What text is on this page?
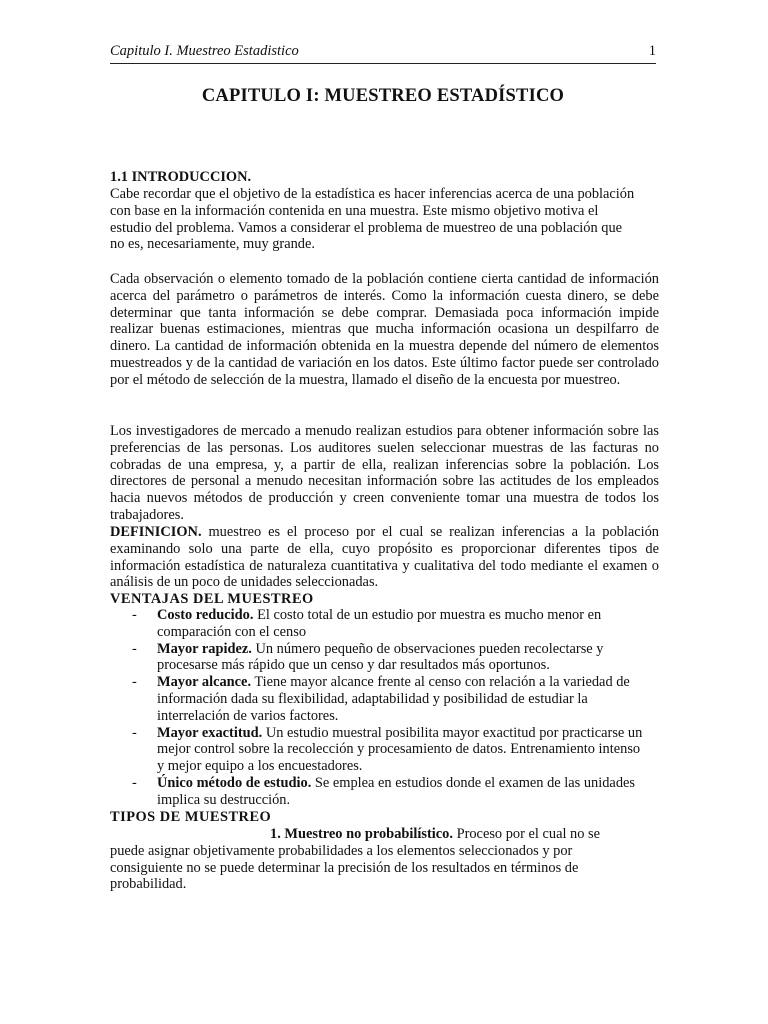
Capitulo I. Muestreo Estadistico	1
CAPITULO I: MUESTREO ESTADÍSTICO
1.1 INTRODUCCION.
Cabe recordar que el objetivo de la estadística es hacer inferencias acerca de una población con base en la información contenida en una muestra. Este mismo objetivo motiva el estudio del problema. Vamos a considerar el problema de muestreo de una población que no es, necesariamente, muy grande.
Cada observación o elemento tomado de la población contiene cierta cantidad de información acerca del parámetro o parámetros de interés. Como la información cuesta dinero, se debe determinar que tanta información se debe comprar. Demasiada poca información impide realizar buenas estimaciones, mientras que mucha información ocasiona un despilfarro de dinero. La cantidad de información obtenida en la muestra depende del número de elementos muestreados y de la cantidad de variación en los datos. Este último factor puede ser controlado por el método de selección de la muestra, llamado el diseño de la encuesta por muestreo.
Los investigadores de mercado a menudo realizan estudios para obtener información sobre las preferencias de las personas. Los auditores suelen seleccionar muestras de las facturas no cobradas de una empresa, y, a partir de ella, realizan inferencias sobre la población. Los directores de personal a menudo necesitan información sobre las actitudes de los empleados hacia nuevos métodos de producción y creen conveniente tomar una muestra de todos los trabajadores.
DEFINICION. muestreo es el proceso por el cual se realizan inferencias a la población examinando solo una parte de ella, cuyo propósito es proporcionar diferentes tipos de información estadística de naturaleza cuantitativa y cualitativa del todo mediante el examen o análisis de un poco de unidades seleccionadas.
VENTAJAS DEL MUESTREO
- Costo reducido. El costo total de un estudio por muestra es mucho menor en comparación con el censo
- Mayor rapidez. Un número pequeño de observaciones pueden recolectarse y procesarse más rápido que un censo y dar resultados más oportunos.
- Mayor alcance. Tiene mayor alcance frente al censo con relación a la variedad de información dada su flexibilidad, adaptabilidad y posibilidad de estudiar la interrelación de varios factores.
- Mayor exactitud. Un estudio muestral posibilita mayor exactitud por practicarse un mejor control sobre la recolección y procesamiento de datos. Entrenamiento intenso y mejor equipo a los encuestadores.
- Único método de estudio. Se emplea en estudios donde el examen de las unidades implica su destrucción.
TIPOS DE MUESTREO
1. Muestreo no probabilístico. Proceso por el cual no se puede asignar objetivamente probabilidades a los elementos seleccionados y por consiguiente no se puede determinar la precisión de los resultados en términos de probabilidad.
